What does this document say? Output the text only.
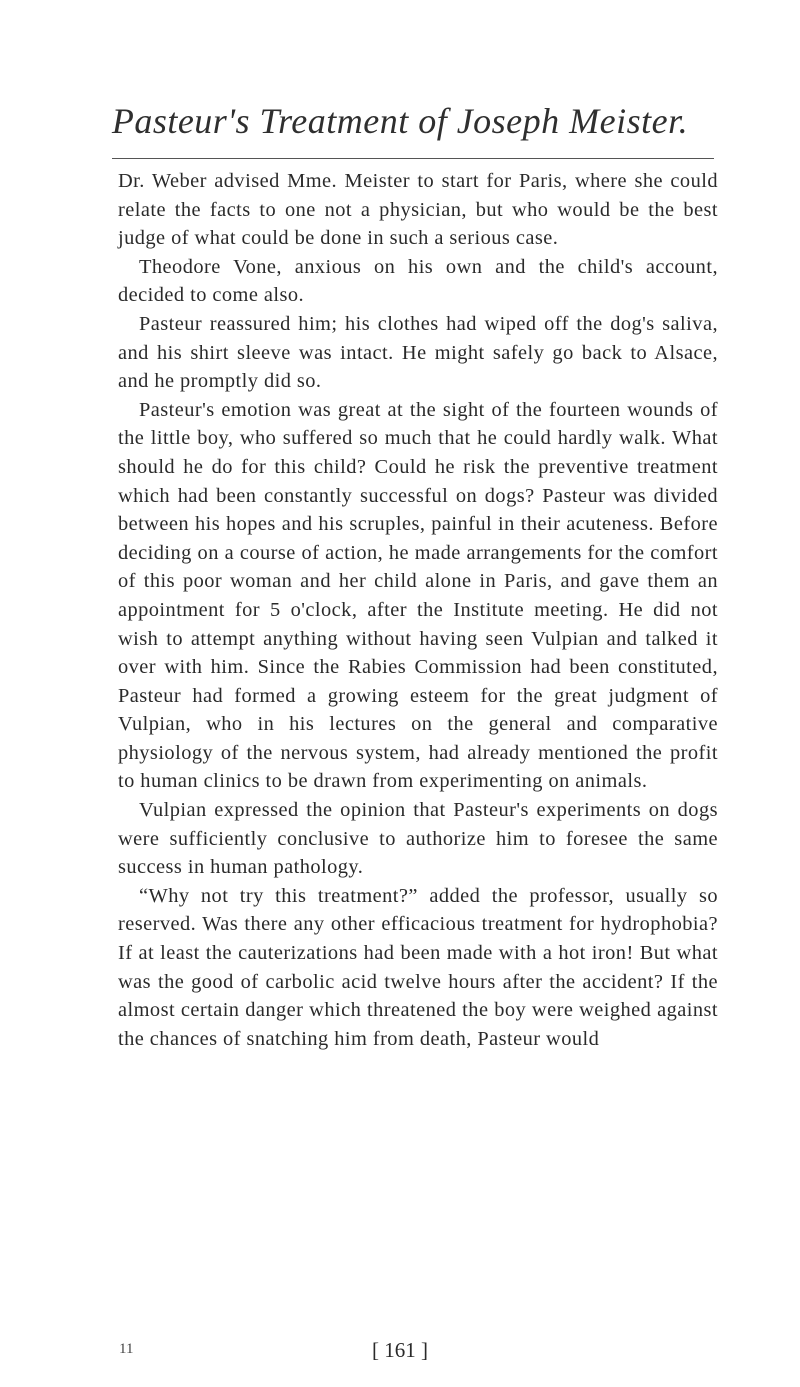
Pasteur's Treatment of Joseph Meister.

Dr. Weber advised Mme. Meister to start for Paris, where she could relate the facts to one not a physician, but who would be the best judge of what could be done in such a serious case.

Theodore Vone, anxious on his own and the child's account, decided to come also.

Pasteur reassured him; his clothes had wiped off the dog's saliva, and his shirt sleeve was intact. He might safely go back to Alsace, and he promptly did so.

Pasteur's emotion was great at the sight of the fourteen wounds of the little boy, who suffered so much that he could hardly walk. What should he do for this child? Could he risk the preventive treatment which had been constantly successful on dogs? Pasteur was divided between his hopes and his scruples, painful in their acuteness. Before deciding on a course of action, he made arrangements for the comfort of this poor woman and her child alone in Paris, and gave them an appointment for 5 o'clock, after the Institute meeting. He did not wish to attempt anything without having seen Vulpian and talked it over with him. Since the Rabies Commission had been constituted, Pasteur had formed a growing esteem for the great judgment of Vulpian, who in his lectures on the general and comparative physiology of the nervous system, had already mentioned the profit to human clinics to be drawn from experimenting on animals.

Vulpian expressed the opinion that Pasteur's experiments on dogs were sufficiently conclusive to authorize him to foresee the same success in human pathology.

“Why not try this treatment?” added the professor, usually so reserved. Was there any other efficacious treatment for hydrophobia? If at least the cauterizations had been made with a hot iron! But what was the good of carbolic acid twelve hours after the accident? If the almost certain danger which threatened the boy were weighed against the chances of snatching him from death, Pasteur would

11	[ 161 ]
